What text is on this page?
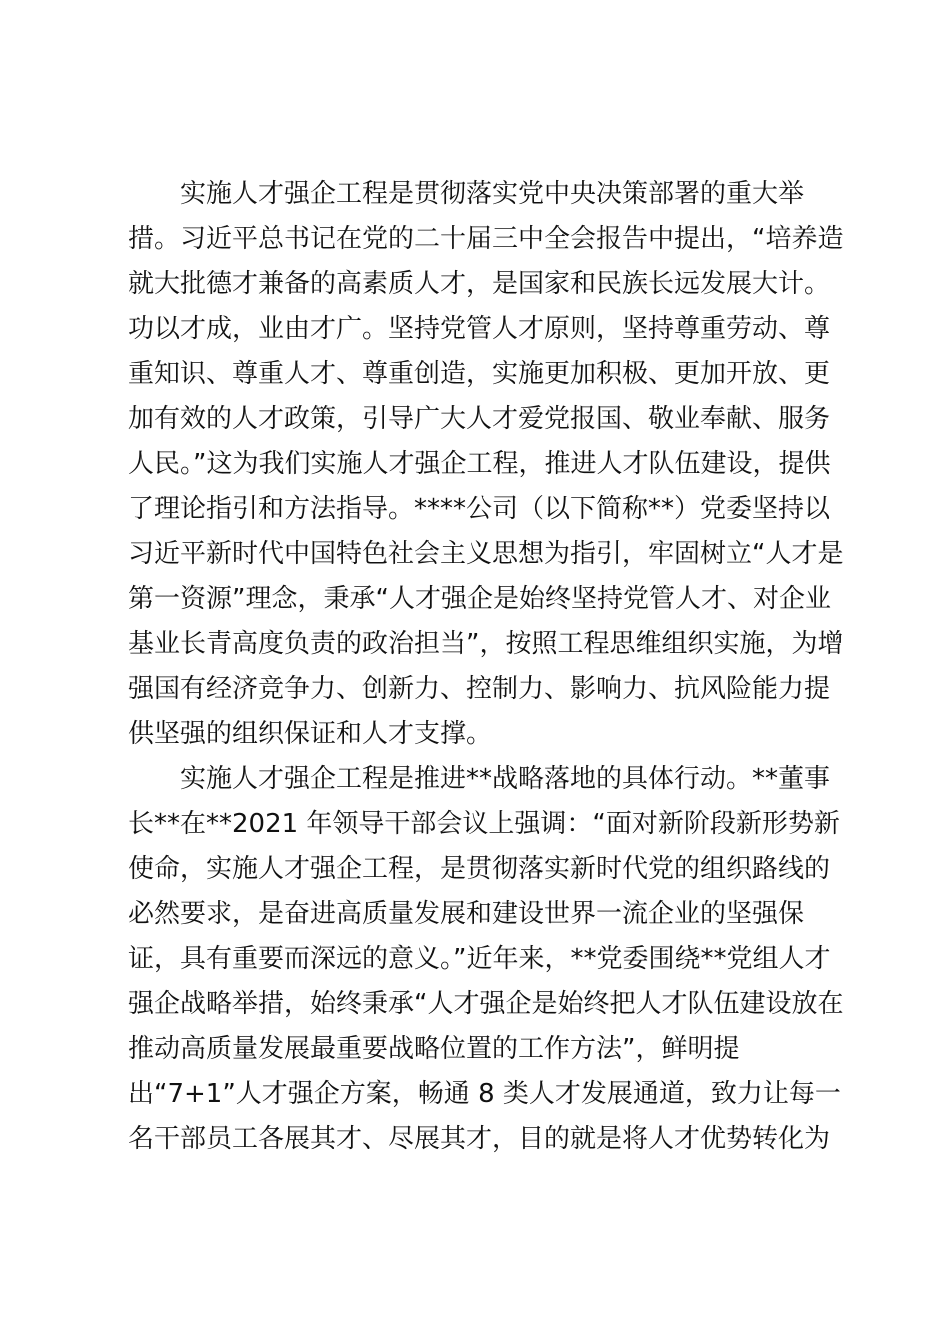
实施人才强企工程是贯彻落实党中央决策部署的重大举
措。习近平总书记在党的二十届三中全会报告中提出，“培养造
就大批德才兼备的高素质人才，是国家和民族长远发展大计。
功以才成，业由才广。坚持党管人才原则，坚持尊重劳动、尊
重知识、尊重人才、尊重创造，实施更加积极、更加开放、更
加有效的人才政策，引导广大人才爱党报国、敬业奉献、服务
人民。”这为我们实施人才强企工程，推进人才队伍建设，提供
了理论指引和方法指导。****公司（以下简称**）党委坚持以
习近平新时代中国特色社会主义思想为指引，牢固树立“人才是
第一资源”理念，秉承“人才强企是始终坚持党管人才、对企业
基业长青高度负责的政治担当”，按照工程思维组织实施，为增
强国有经济竞争力、创新力、控制力、影响力、抗风险能力提
供坚强的组织保证和人才支撑。
实施人才强企工程是推进**战略落地的具体行动。**董事
长**在**2021 年领导干部会议上强调：“面对新阶段新形势新
使命，实施人才强企工程，是贯彻落实新时代党的组织路线的
必然要求，是奋进高质量发展和建设世界一流企业的坚强保
证，具有重要而深远的意义。”近年来，**党委围绕**党组人才
强企战略举措，始终秉承“人才强企是始终把人才队伍建设放在
推动高质量发展最重要战略位置的工作方法”，鲜明提
出“7+1”人才强企方案，畅通 8 类人才发展通道，致力让每一
名干部员工各展其才、尽展其才，目的就是将人才优势转化为
